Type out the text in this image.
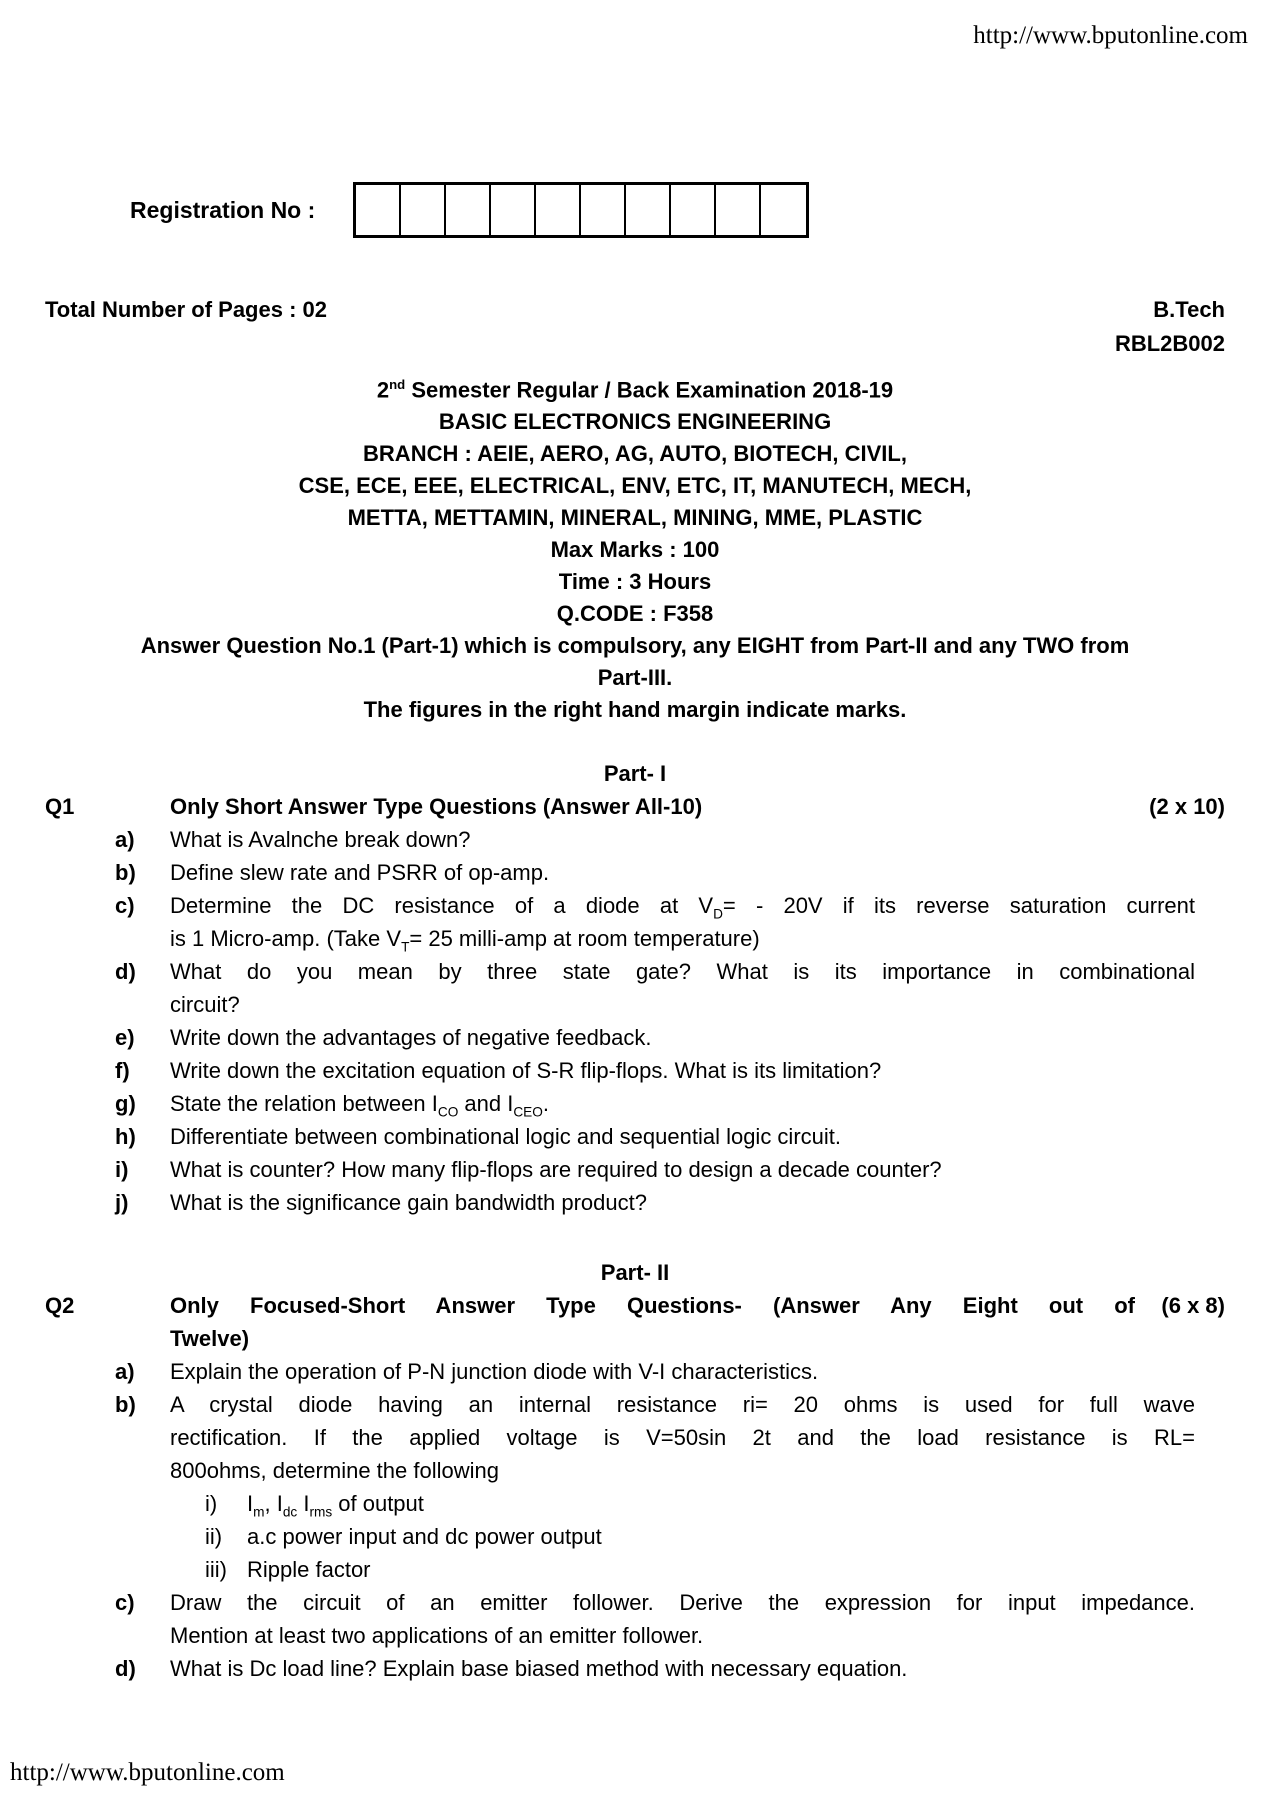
http://www.bputonline.com
Registration No :
Total Number of Pages : 02	B.Tech
RBL2B002
2nd Semester Regular / Back Examination 2018-19
BASIC ELECTRONICS ENGINEERING
BRANCH : AEIE, AERO, AG, AUTO, BIOTECH, CIVIL,
CSE, ECE, EEE, ELECTRICAL, ENV, ETC, IT, MANUTECH, MECH,
METTA, METTAMIN, MINERAL, MINING, MME, PLASTIC
Max Marks : 100
Time : 3 Hours
Q.CODE : F358
Answer Question No.1 (Part-1) which is compulsory, any EIGHT from Part-II and any TWO from
Part-III.
The figures in the right hand margin indicate marks.
Part- I
Q1	Only Short Answer Type Questions (Answer All-10)	(2 x 10)
a)	What is Avalnche break down?
b)	Define slew rate and PSRR of op-amp.
c)	Determine the DC resistance of a diode at $V_D= - 20V$ if its reverse saturation current
is 1 Micro-amp. (Take $V_T= 25$ milli-amp at room temperature)
d)	What do you mean by three state gate? What is its importance in combinational
circuit?
e)	Write down the advantages of negative feedback.
f)	Write down the excitation equation of S-R flip-flops. What is its limitation?
g)	State the relation between $I_{CO}$ and $I_{CEO}$.
h)	Differentiate between combinational logic and sequential logic circuit.
i)	What is counter? How many flip-flops are required to design a decade counter?
j)	What is the significance gain bandwidth product?
Part- II
Q2	Only Focused-Short Answer Type Questions- (Answer Any Eight out of
Twelve)
(6 x 8)
a)	Explain the operation of P-N junction diode with V-I characteristics.
b)	A crystal diode having an internal resistance ri= 20 ohms is used for full wave
rectification. If the applied voltage is V=50sin 2t and the load resistance is RL=
800ohms, determine the following
i)	$I_m$, $I_{dc}$ $I_{rms}$ of output
ii)	a.c power input and dc power output
iii) Ripple factor
c)	Draw the circuit of an emitter follower. Derive the expression for input impedance.
Mention at least two applications of an emitter follower.
d)	What is Dc load line? Explain base biased method with necessary equation.
http://www.bputonline.com
